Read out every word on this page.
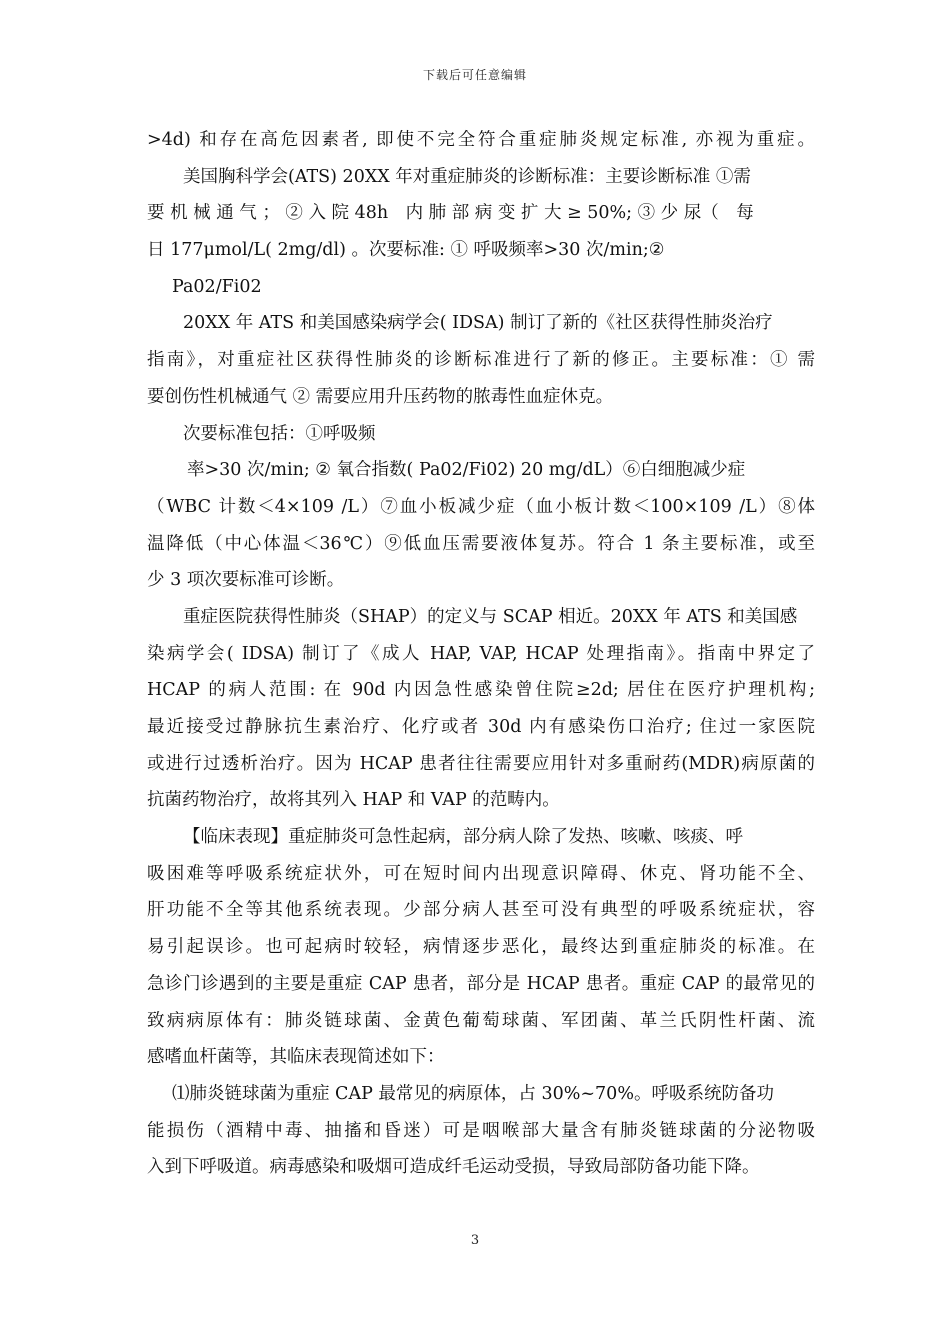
下载后可任意编辑
>4d) 和存在高危因素者, 即使不完全符合重症肺炎规定标准, 亦视为重症。
美国胸科学会(ATS) 20XX 年对重症肺炎的诊断标准：主要诊断标准 ①需
要 机 械 通 气 ； ② 入 院 48h　内 肺 部 病 变 扩 大 ≥ 50%; ③ 少 尿（　每
日 177μmol/L( 2mg/dl) 。次要标准: ① 呼吸频率>30 次/min;②
Pa02/Fi02
20XX 年 ATS 和美国感染病学会( IDSA) 制订了新的《社区获得性肺炎治疗
指南》，对重症社区获得性肺炎的诊断标准进行了新的修正。主要标准：① 需
要创伤性机械通气 ② 需要应用升压药物的脓毒性血症休克。
次要标准包括：①呼吸频
率>30 次/min; ② 氧合指数( Pa02/Fi02) 20 mg/dL）⑥白细胞减少症
（WBC 计数＜4×109 /L）⑦血小板减少症（血小板计数＜100×109 /L）⑧体
温降低（中心体温＜36℃）⑨低血压需要液体复苏。符合 1 条主要标准，或至
少 3 项次要标准可诊断。
重症医院获得性肺炎（SHAP）的定义与 SCAP 相近。20XX 年 ATS 和美国感
染病学会( IDSA) 制订了《成人 HAP, VAP, HCAP 处理指南》。指南中界定了
HCAP 的病人范围: 在 90d 内因急性感染曾住院≥2d; 居住在医疗护理机构;
最近接受过静脉抗生素治疗、化疗或者 30d 内有感染伤口治疗; 住过一家医院
或进行过透析治疗。因为 HCAP 患者往往需要应用针对多重耐药(MDR)病原菌的
抗菌药物治疗，故将其列入 HAP 和 VAP 的范畴内。
【临床表现】重症肺炎可急性起病，部分病人除了发热、咳嗽、咳痰、呼
吸困难等呼吸系统症状外，可在短时间内出现意识障碍、休克、肾功能不全、
肝功能不全等其他系统表现。少部分病人甚至可没有典型的呼吸系统症状，容
易引起误诊。也可起病时较轻，病情逐步恶化，最终达到重症肺炎的标准。在
急诊门诊遇到的主要是重症 CAP 患者，部分是 HCAP 患者。重症 CAP 的最常见的
致病病原体有：肺炎链球菌、金黄色葡萄球菌、军团菌、革兰氏阴性杆菌、流
感嗜血杆菌等，其临床表现简述如下：
⑴肺炎链球菌为重症 CAP 最常见的病原体，占 30%~70%。呼吸系统防备功
能损伤（酒精中毒、抽搐和昏迷）可是咽喉部大量含有肺炎链球菌的分泌物吸
入到下呼吸道。病毒感染和吸烟可造成纤毛运动受损，导致局部防备功能下降。
3
